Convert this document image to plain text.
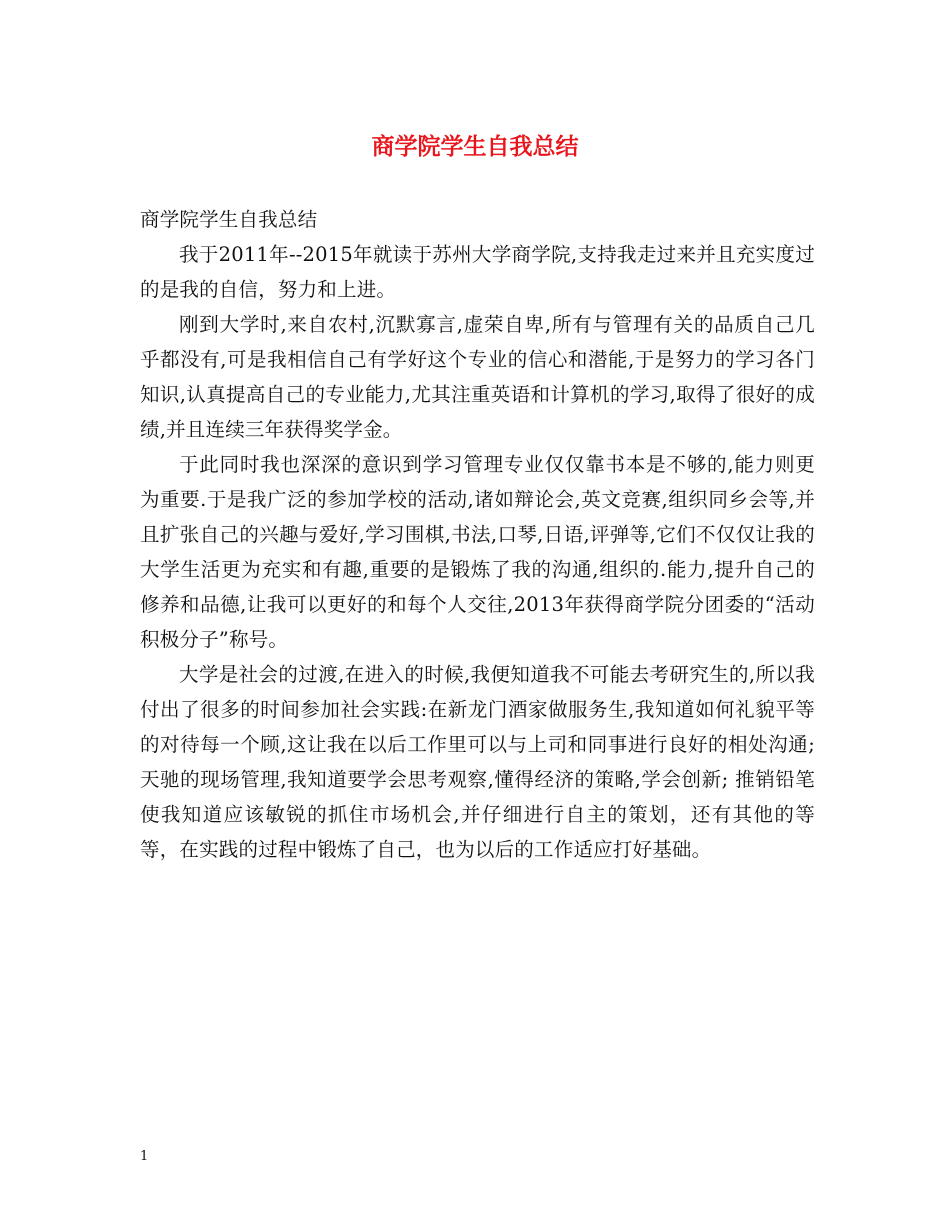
商学院学生自我总结

商学院学生自我总结

我于2011年--2015年就读于苏州大学商学院,支持我走过来并且充实度过的是我的自信，努力和上进。

刚到大学时,来自农村,沉默寡言,虚荣自卑,所有与管理有关的品质自己几乎都没有,可是我相信自己有学好这个专业的信心和潜能,于是努力的学习各门知识,认真提高自己的专业能力,尤其注重英语和计算机的学习,取得了很好的成绩,并且连续三年获得奖学金。

于此同时我也深深的意识到学习管理专业仅仅靠书本是不够的,能力则更为重要.于是我广泛的参加学校的活动,诸如辩论会,英文竞赛,组织同乡会等,并且扩张自己的兴趣与爱好,学习围棋,书法,口琴,日语,评弹等,它们不仅仅让我的大学生活更为充实和有趣,重要的是锻炼了我的沟通,组织的.能力,提升自己的修养和品德,让我可以更好的和每个人交往,2013年获得商学院分团委的“活动积极分子”称号。

大学是社会的过渡,在进入的时候,我便知道我不可能去考研究生的,所以我付出了很多的时间参加社会实践:在新龙门酒家做服务生,我知道如何礼貌平等的对待每一个顾,这让我在以后工作里可以与上司和同事进行良好的相处沟通; 天驰的现场管理,我知道要学会思考观察,懂得经济的策略,学会创新; 推销铅笔使我知道应该敏锐的抓住市场机会,并仔细进行自主的策划，还有其他的等等，在实践的过程中锻炼了自己，也为以后的工作适应打好基础。

1
